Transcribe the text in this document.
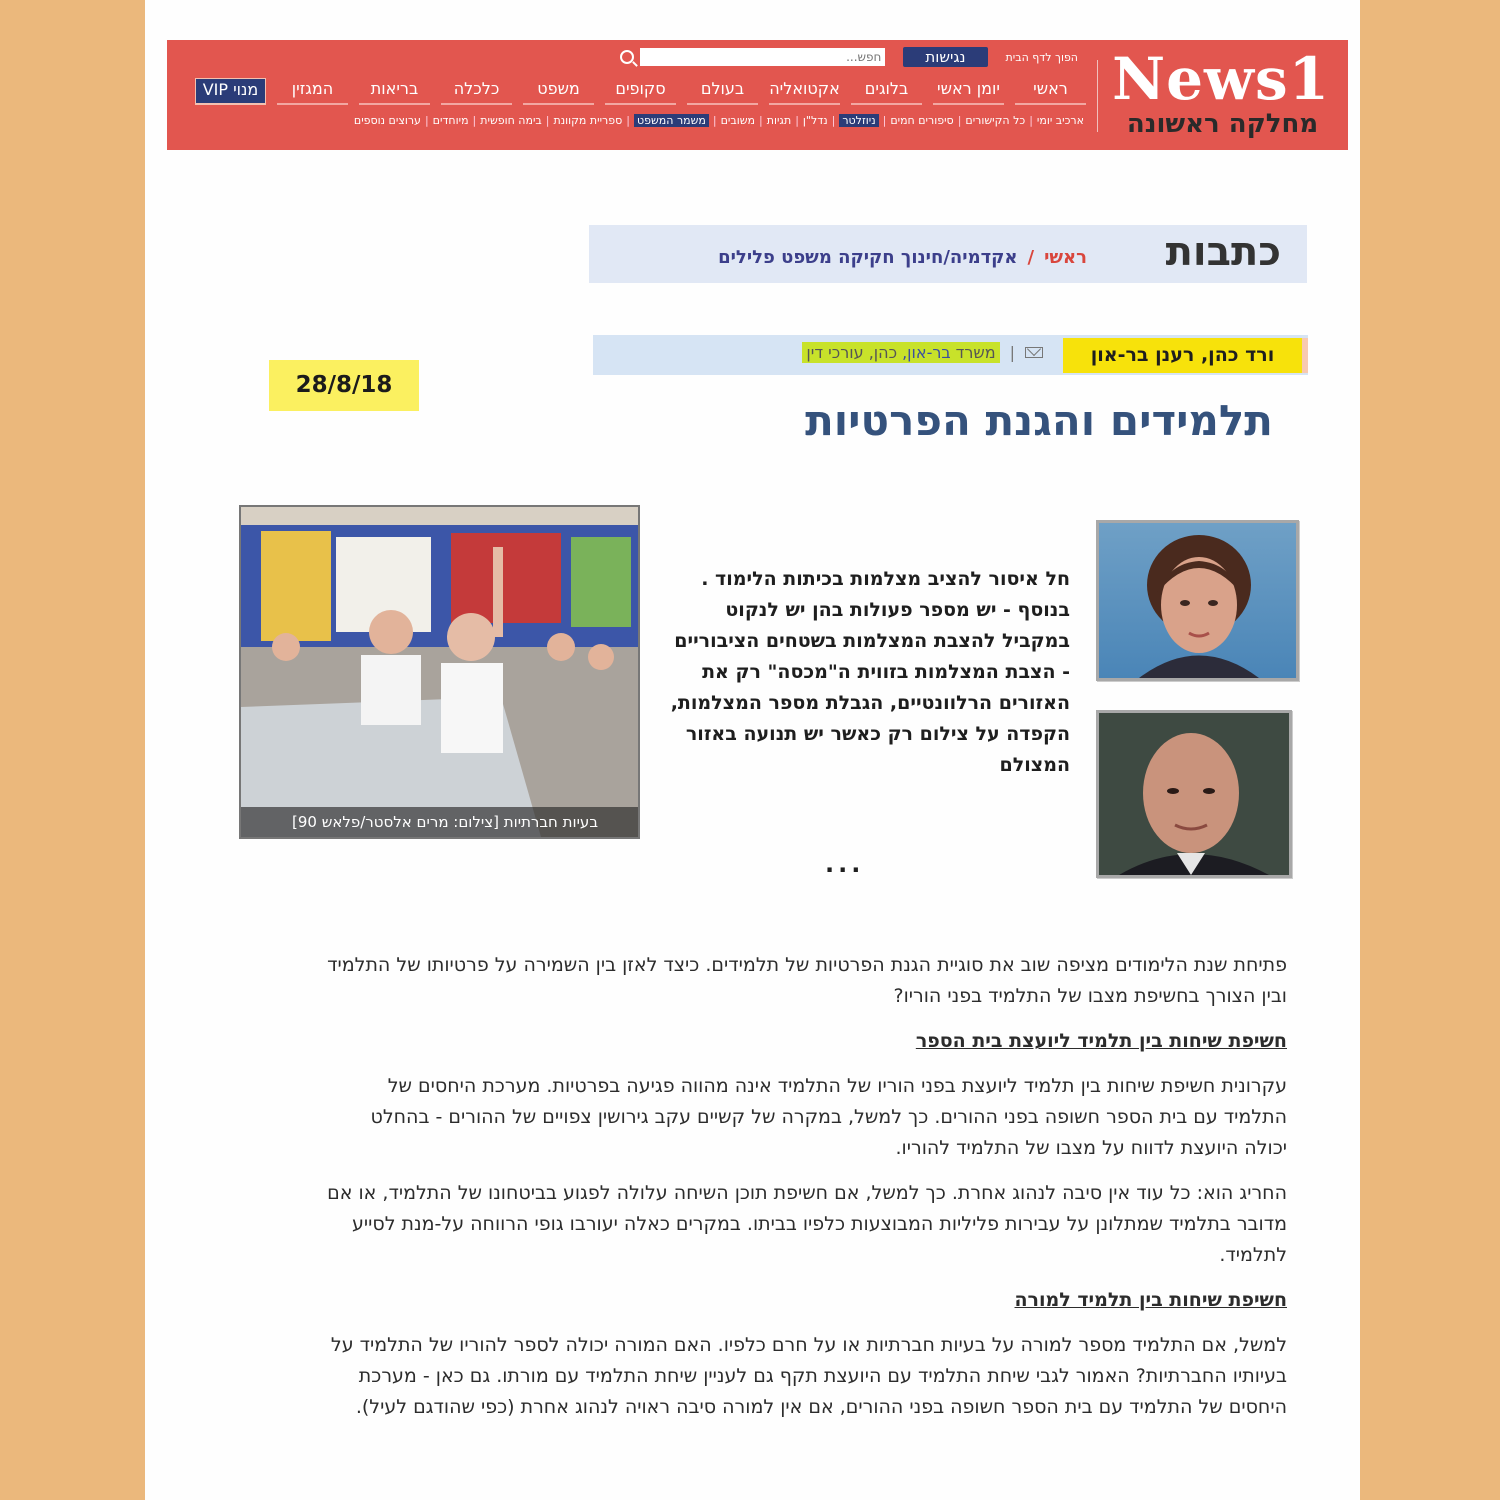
News1
מחלקה ראשונה
הפוך לדף הבית
נגישות
חפש...
ראשי
יומן ראשי
בלוגים
אקטואליה
בעולם
סקופים
משפט
כלכלה
בריאות
המגזין
מנוי VIP
ארכיב יומי
|
כל הקישורים
|
סיפורים חמים
|
ניוזלטר
|
נדל"ן
|
תגיות
|
משובים
|
משמר המשפט
|
ספריית מקוונת
|
בימה חופשית
|
מיוחדים
|
ערוצים נוספים
כתבות
ראשי
/
אקדמיה/חינוך חקיקה משפט פלילים
ורד כהן, רענן בר-און
|
משרד
בר-און,
כהן, עורכי דין
28/8/18
תלמידים והגנת הפרטיות
חל איסור להציב מצלמות בכיתות הלימוד . בנוסף - יש מספר פעולות בהן יש לנקוט במקביל להצבת המצלמות בשטחים הציבוריים - הצבת המצלמות בזווית ה"מכסה" רק את האזורים הרלוונטיים, הגבלת מספר המצלמות, הקפדה על צילום רק כאשר יש תנועה באזור המצולם
...
בעיות חברתיות [צילום: מרים אלסטר/פלאש 90]

פתיחת שנת הלימודים מציפה שוב את סוגיית הגנת הפרטיות של תלמידים. כיצד לאזן בין השמירה על פרטיותו של התלמיד ובין הצורך בחשיפת מצבו של התלמיד בפני הוריו?

חשיפת שיחות בין תלמיד ליועצת בית הספר

עקרונית חשיפת שיחות בין תלמיד ליועצת בפני הוריו של התלמיד אינה מהווה פגיעה בפרטיות. מערכת היחסים של התלמיד עם בית הספר חשופה בפני ההורים. כך למשל, במקרה של קשיים עקב גירושין צפויים של ההורים - בהחלט יכולה היועצת לדווח על מצבו של התלמיד להוריו.

החריג הוא: כל עוד אין סיבה לנהוג אחרת. כך למשל, אם חשיפת תוכן השיחה עלולה לפגוע בביטחונו של התלמיד, או אם מדובר בתלמיד שמתלונן על עבירות פליליות המבוצעות כלפיו בביתו. במקרים כאלה יעורבו גופי הרווחה על-מנת לסייע לתלמיד.

חשיפת שיחות בין תלמיד למורה

למשל, אם התלמיד מספר למורה על בעיות חברתיות או על חרם כלפיו. האם המורה יכולה לספר להוריו של התלמיד על בעיותיו החברתיות? האמור לגבי שיחת התלמיד עם היועצת תקף גם לעניין שיחת התלמיד עם מורתו. גם כאן - מערכת היחסים של התלמיד עם בית הספר חשופה בפני ההורים, אם אין למורה סיבה ראויה לנהוג אחרת (כפי שהודגם לעיל).
